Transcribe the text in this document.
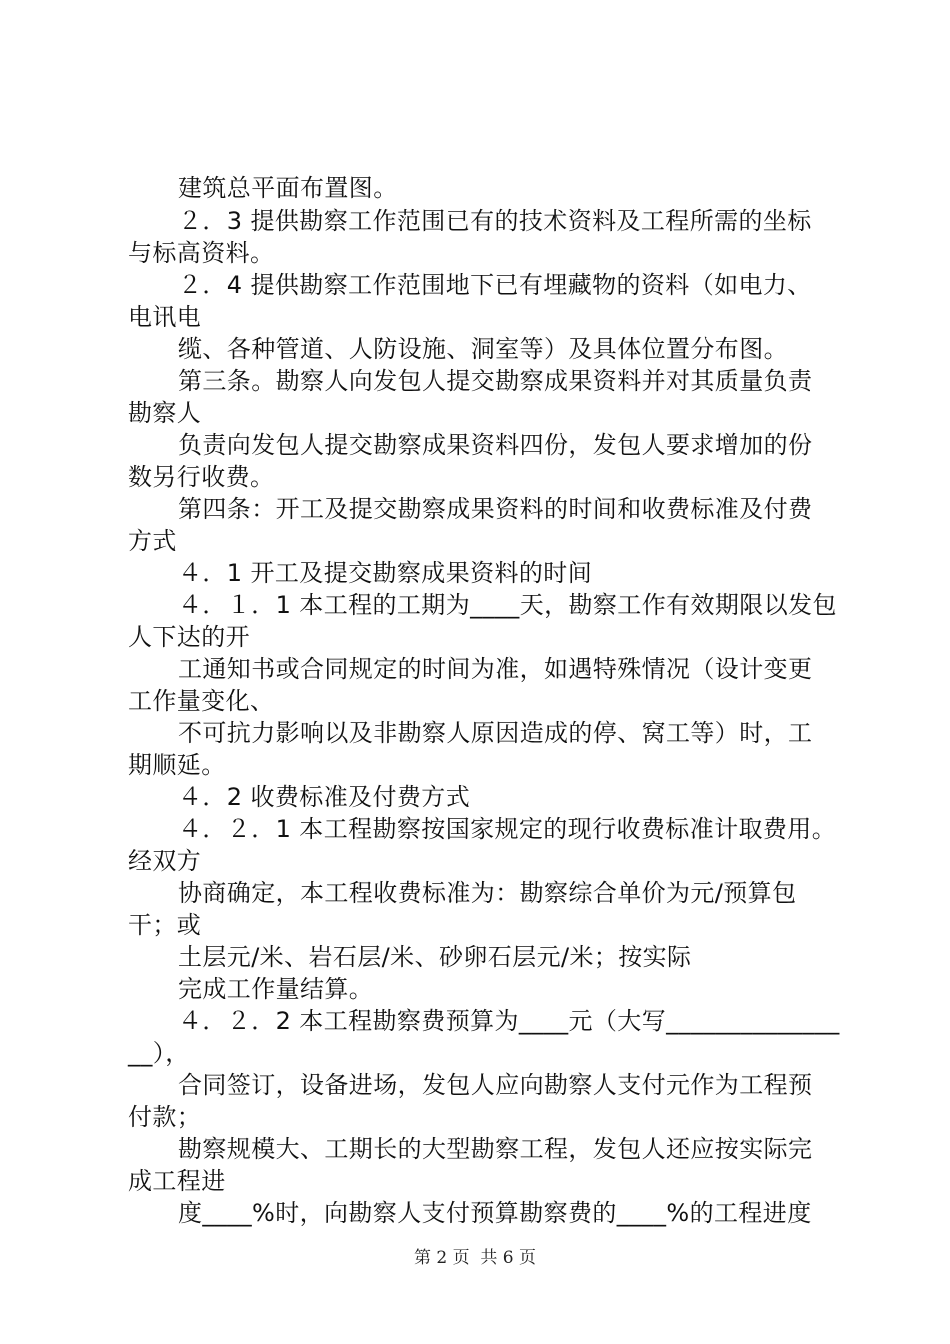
建筑总平面布置图。
２．3 提供勘察工作范围已有的技术资料及工程所需的坐标
与标高资料。
２．4 提供勘察工作范围地下已有埋藏物的资料（如电力、
电讯电
缆、各种管道、人防设施、洞室等）及具体位置分布图。
第三条。勘察人向发包人提交勘察成果资料并对其质量负责
勘察人
负责向发包人提交勘察成果资料四份，发包人要求增加的份
数另行收费。
第四条：开工及提交勘察成果资料的时间和收费标准及付费
方式
４．1 开工及提交勘察成果资料的时间
４．１．1 本工程的工期为____天，勘察工作有效期限以发包
人下达的开
工通知书或合同规定的时间为准，如遇特殊情况（设计变更
工作量变化、
不可抗力影响以及非勘察人原因造成的停、窝工等）时，工
期顺延。
４．2 收费标准及付费方式
４．２．1 本工程勘察按国家规定的现行收费标准计取费用。
经双方
协商确定，本工程收费标准为：勘察综合单价为元/预算包
干；或
土层元/米、岩石层/米、砂卵石层元/米；按实际
完成工作量结算。
４．２．2 本工程勘察费预算为____元（大写______________
__），
合同签订，设备进场，发包人应向勘察人支付元作为工程预
付款；
勘察规模大、工期长的大型勘察工程，发包人还应按实际完
成工程进
度____%时，向勘察人支付预算勘察费的____%的工程进度
第 2 页  共 6 页
